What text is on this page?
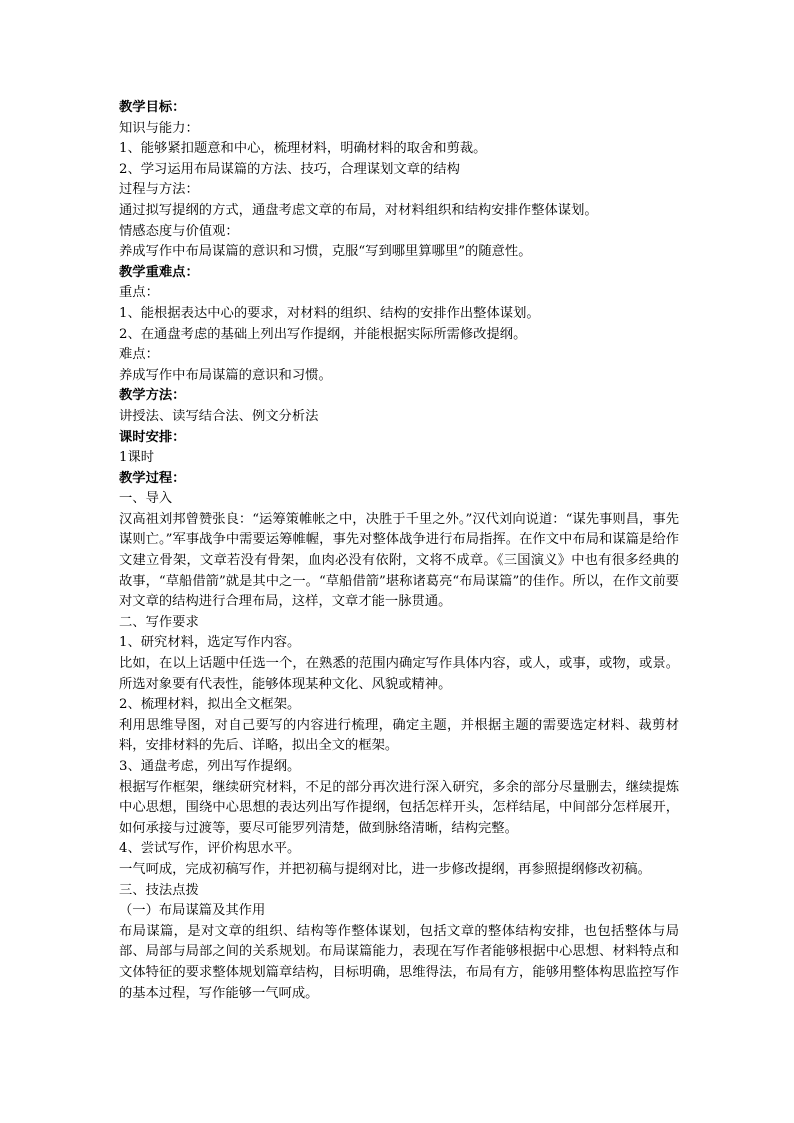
教学目标：
知识与能力：
1、能够紧扣题意和中心，梳理材料，明确材料的取舍和剪裁。
2、学习运用布局谋篇的方法、技巧，合理谋划文章的结构
过程与方法：
通过拟写提纲的方式，通盘考虑文章的布局，对材料组织和结构安排作整体谋划。
情感态度与价值观：
养成写作中布局谋篇的意识和习惯，克服“写到哪里算哪里”的随意性。
教学重难点：
重点：
1、能根据表达中心的要求，对材料的组织、结构的安排作出整体谋划。
2、在通盘考虑的基础上列出写作提纲，并能根据实际所需修改提纲。
难点：
养成写作中布局谋篇的意识和习惯。
教学方法：
讲授法、读写结合法、例文分析法
课时安排：
1课时
教学过程：
一、导入
汉高祖刘邦曾赞张良：“运筹策帷帐之中，决胜于千里之外。”汉代刘向说道：“谋先事则昌，事先谋则亡。”军事战争中需要运筹帷幄，事先对整体战争进行布局指挥。在作文中布局和谋篇是给作文建立骨架，文章若没有骨架，血肉必没有依附，文将不成章。《三国演义》中也有很多经典的故事，“草船借箭”就是其中之一。“草船借箭”堪称诸葛亮“布局谋篇”的佳作。所以，在作文前要对文章的结构进行合理布局，这样，文章才能一脉贯通。
二、写作要求
1、研究材料，选定写作内容。
比如，在以上话题中任选一个，在熟悉的范围内确定写作具体内容，或人，或事，或物，或景。所选对象要有代表性，能够体现某种文化、风貌或精神。
2、梳理材料，拟出全文框架。
利用思维导图，对自己要写的内容进行梳理，确定主题，并根据主题的需要选定材料、裁剪材料，安排材料的先后、详略，拟出全文的框架。
3、通盘考虑，列出写作提纲。
根据写作框架，继续研究材料，不足的部分再次进行深入研究，多余的部分尽量删去，继续提炼中心思想，围绕中心思想的表达列出写作提纲，包括怎样开头，怎样结尾，中间部分怎样展开，如何承接与过渡等，要尽可能罗列清楚，做到脉络清晰，结构完整。
4、尝试写作，评价构思水平。
一气呵成，完成初稿写作，并把初稿与提纲对比，进一步修改提纲，再参照提纲修改初稿。
三、技法点拨
（一）布局谋篇及其作用
布局谋篇，是对文章的组织、结构等作整体谋划，包括文章的整体结构安排，也包括整体与局部、局部与局部之间的关系规划。布局谋篇能力，表现在写作者能够根据中心思想、材料特点和文体特征的要求整体规划篇章结构，目标明确，思维得法，布局有方，能够用整体构思监控写作的基本过程，写作能够一气呵成。
